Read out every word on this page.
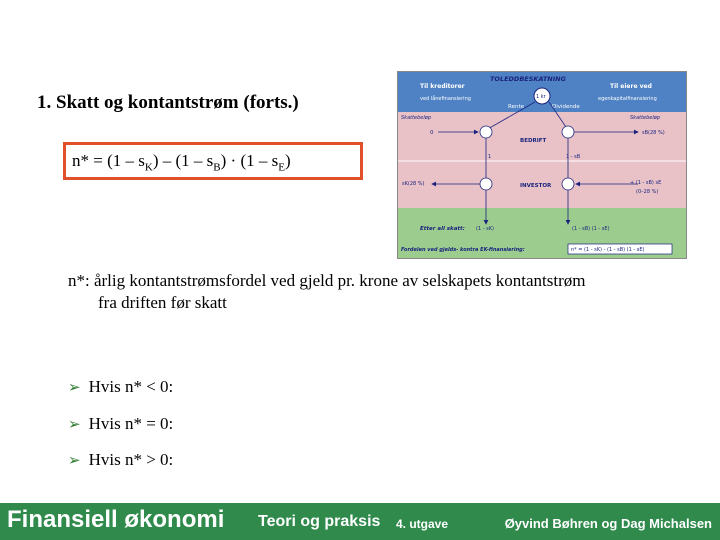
1. Skatt og kontantstrøm (forts.)
$n* = (1 - s_K) - (1 - s_B) \cdot (1 - s_E)$
TOLEDDBESKATNING
Til kreditorer
ved lånefinansiering
Til eiere ved
egenkapitalfinansiering
1 kr
Rente	Dividende
Skattebeløp	Skattebeløp
0	sB(28 %)
BEDRIFT
1	1 - sB
sK(28 %)	INVESTOR	+ (1 - sB) sE
(0–28 %)
Etter all skatt: (1 - sK)	(1 - sB) (1 - sE)
Fordelen ved gjelds- kontra EK-finansiering:	n* = (1 - sK) - (1 - sB) (1 - sE)
n*: årlig kontantstrømsfordel ved gjeld pr. krone av selskapets kontantstrøm
fra driften før skatt
➢ Hvis n* < 0:
➢ Hvis n* = 0:
➢ Hvis n* > 0:
Finansiell økonomi Teori og praksis 4. utgave	Øyvind Bøhren og Dag Michalsen
